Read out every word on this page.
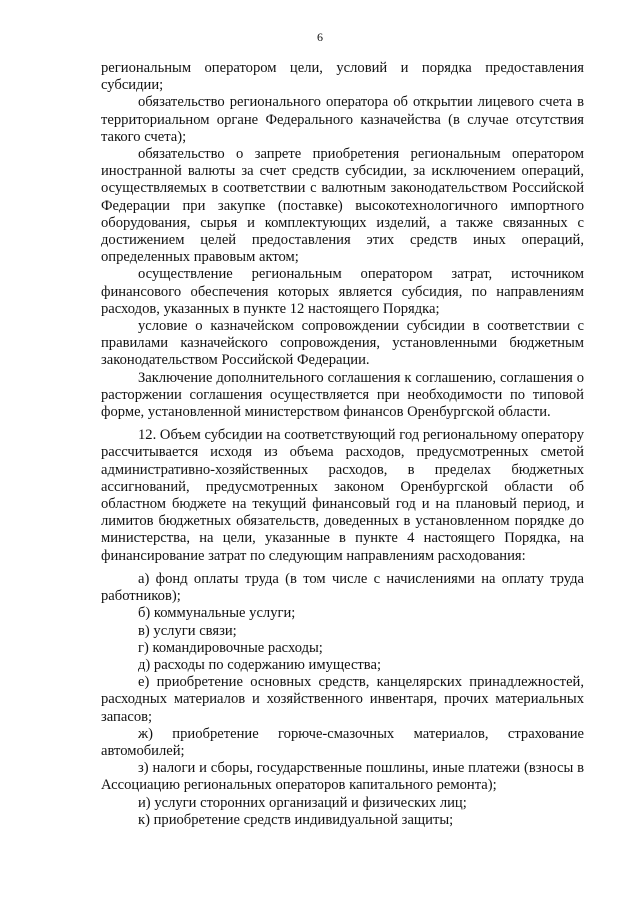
6

региональным оператором цели, условий и порядка предоставления субсидии;

обязательство регионального оператора об открытии лицевого счета в территориальном органе Федерального казначейства (в случае отсутствия такого счета);

обязательство о запрете приобретения региональным оператором иностранной валюты за счет средств субсидии, за исключением операций, осуществляемых в соответствии с валютным законодательством Российской Федерации при закупке (поставке) высокотехнологичного импортного оборудования, сырья и комплектующих изделий, а также связанных с достижением целей предоставления этих средств иных операций, определенных правовым актом;

осуществление региональным оператором затрат, источником финансового обеспечения которых является субсидия, по направлениям расходов, указанных в пункте 12 настоящего Порядка;

условие о казначейском сопровождении субсидии в соответствии с правилами казначейского сопровождения, установленными бюджетным законодательством Российской Федерации.

Заключение дополнительного соглашения к соглашению, соглашения о расторжении соглашения осуществляется при необходимости по типовой форме, установленной министерством финансов Оренбургской области.

12. Объем субсидии на соответствующий год региональному оператору рассчитывается исходя из объема расходов, предусмотренных сметой административно-хозяйственных расходов, в пределах бюджетных ассигнований, предусмотренных законом Оренбургской области об областном бюджете на текущий финансовый год и на плановый период, и лимитов бюджетных обязательств, доведенных в установленном порядке до министерства, на цели, указанные в пункте 4 настоящего Порядка, на финансирование затрат по следующим направлениям расходования:

а) фонд оплаты труда (в том числе с начислениями на оплату труда работников);

б) коммунальные услуги;

в) услуги связи;

г) командировочные расходы;

д) расходы по содержанию имущества;

е) приобретение основных средств, канцелярских принадлежностей, расходных материалов и хозяйственного инвентаря, прочих материальных запасов;

ж) приобретение горюче-смазочных материалов, страхование автомобилей;

з) налоги и сборы, государственные пошлины, иные платежи (взносы в Ассоциацию региональных операторов капитального ремонта);

и) услуги сторонних организаций и физических лиц;

к) приобретение средств индивидуальной защиты;
